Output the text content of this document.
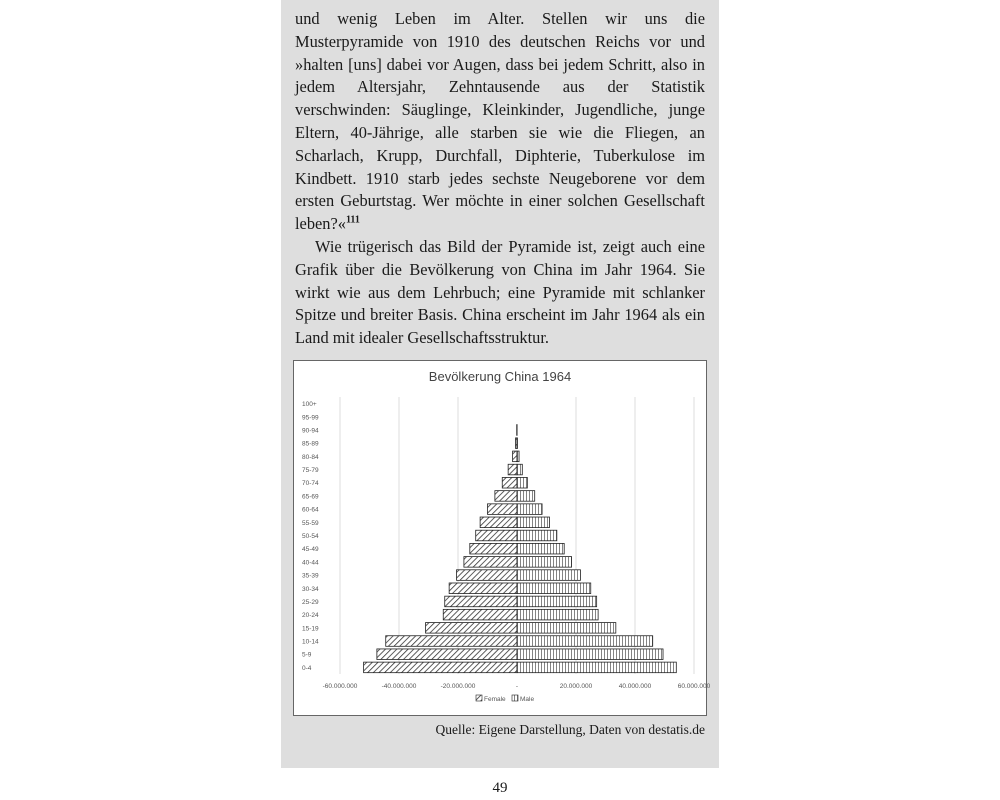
und wenig Leben im Alter. Stellen wir uns die Musterpyramide von 1910 des deutschen Reichs vor und »halten [uns] dabei vor Augen, dass bei jedem Schritt, also in jedem Altersjahr, Zehntausende aus der Statistik verschwinden: Säuglinge, Kleinkinder, Jugendliche, junge Eltern, 40-Jährige, alle starben sie wie die Fliegen, an Scharlach, Krupp, Durchfall, Diphterie, Tuberkulose im Kindbett. 1910 starb jedes sechste Neugeborene vor dem ersten Geburtstag. Wer möchte in einer solchen Gesellschaft leben?«$^{111}$

Wie trügerisch das Bild der Pyramide ist, zeigt auch eine Grafik über die Bevölkerung von China im Jahr 1964. Sie wirkt wie aus dem Lehrbuch; eine Pyramide mit schlanker Spitze und breiter Basis. China erscheint im Jahr 1964 als ein Land mit idealer Gesellschaftsstruktur.

Bevölkerung China 1964
0-4
5-9
10-14
15-19
20-24
25-29
30-34
35-39
40-44
45-49
50-54
55-59
60-64
65-69
70-74
75-79
80-84
85-89
90-94
95-99
100+
-60.000.000	-40.000.000	-20.000.000	-	20.000.000	40.000.000	60.000.000
Female Male
Quelle: Eigene Darstellung, Daten von destatis.de
49
